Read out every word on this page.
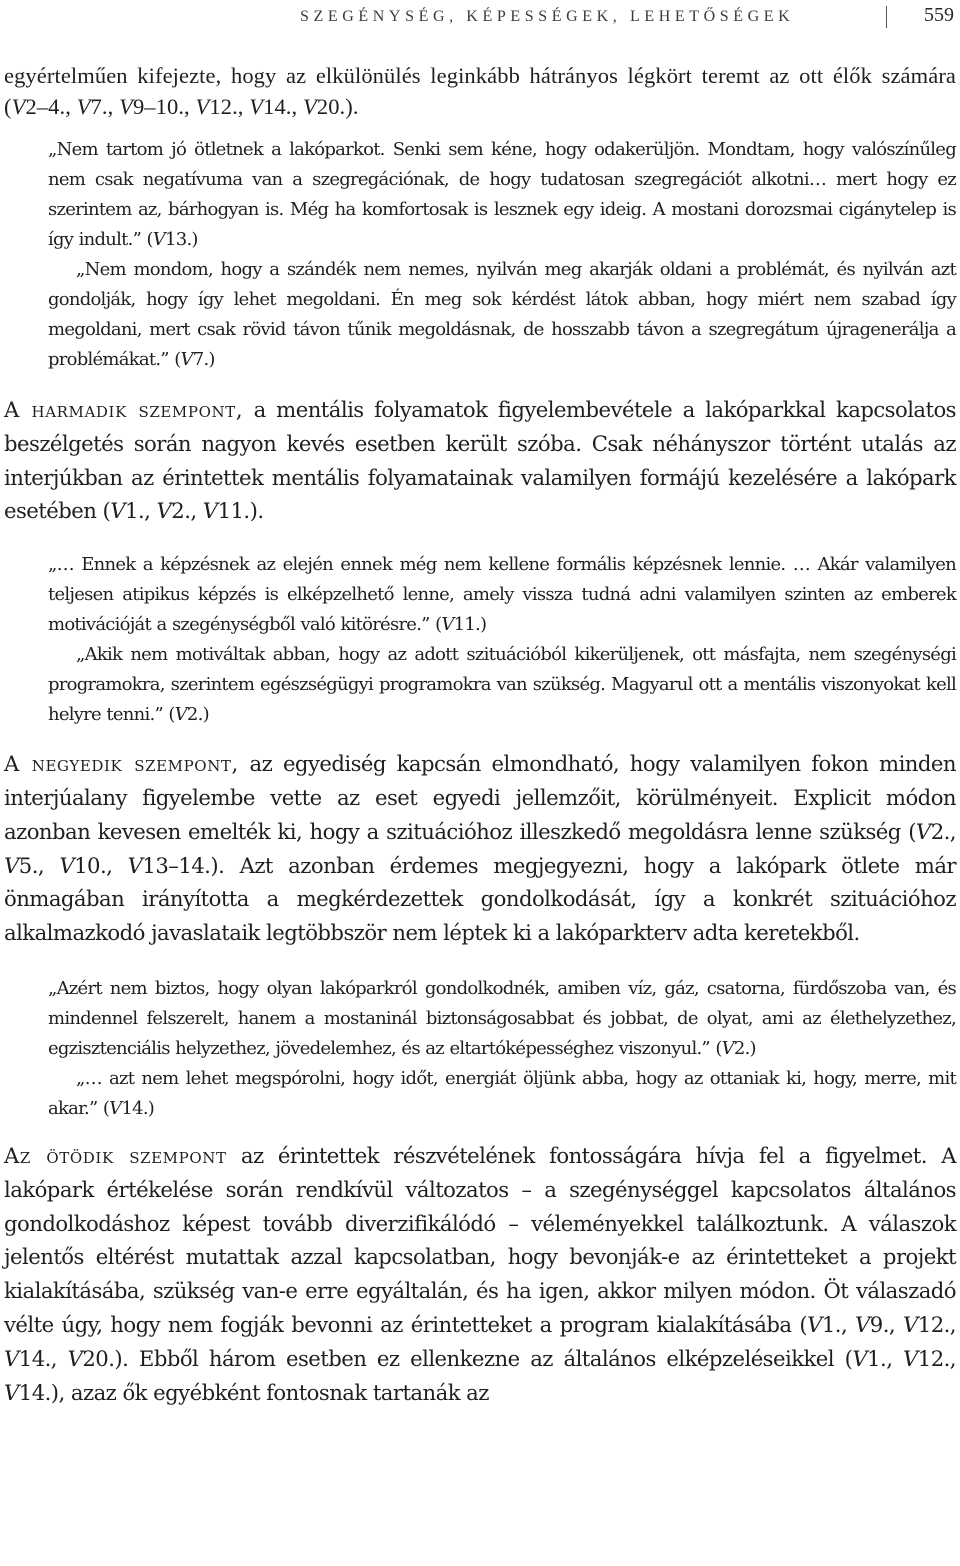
SZEGÉNYSÉG, KÉPESSÉGEK, LEHETŐSÉGEK	559

egyértelműen kifejezte, hogy az elkülönülés leginkább hátrányos légkört teremt az ott élők számára (V2–4., V7., V9–10., V12., V14., V20.).

„Nem tartom jó ötletnek a lakóparkot. Senki sem kéne, hogy odakerüljön. Mondtam, hogy valószínűleg nem csak negatívuma van a szegregációnak, de hogy tudatosan szegregációt alkotni… mert hogy ez szerintem az, bárhogyan is. Még ha komfortosak is lesznek egy ideig. A mostani dorozsmai cigánytelep is így indult.” (V13.)

„Nem mondom, hogy a szándék nem nemes, nyilván meg akarják oldani a problémát, és nyilván azt gondolják, hogy így lehet megoldani. Én meg sok kérdést látok abban, hogy miért nem szabad így megoldani, mert csak rövid távon tűnik megoldásnak, de hosszabb távon a szegregátum újragenerálja a problémákat.” (V7.)

A harmadik szempont, a mentális folyamatok figyelembevétele a lakóparkkal kapcsolatos beszélgetés során nagyon kevés esetben került szóba. Csak néhányszor történt utalás az interjúkban az érintettek mentális folyamatainak valamilyen formájú kezelésére a lakópark esetében (V1., V2., V11.).

„… Ennek a képzésnek az elején ennek még nem kellene formális képzésnek lennie. … Akár valamilyen teljesen atipikus képzés is elképzelhető lenne, amely vissza tudná adni valamilyen szinten az emberek motivációját a szegénységből való kitörésre.” (V11.)

„Akik nem motiváltak abban, hogy az adott szituációból kikerüljenek, ott másfajta, nem szegénységi programokra, szerintem egészségügyi programokra van szükség. Magyarul ott a mentális viszonyokat kell helyre tenni.” (V2.)

A negyedik szempont, az egyediség kapcsán elmondható, hogy valamilyen fokon minden interjúalany figyelembe vette az eset egyedi jellemzőit, körülményeit. Explicit módon azonban kevesen emelték ki, hogy a szituációhoz illeszkedő megoldásra lenne szükség (V2., V5., V10., V13–14.). Azt azonban érdemes megjegyezni, hogy a lakópark ötlete már önmagában irányította a megkérdezettek gondolkodását, így a konkrét szituációhoz alkalmazkodó javaslataik legtöbbször nem léptek ki a lakóparkterv adta keretekből.

„Azért nem biztos, hogy olyan lakóparkról gondolkodnék, amiben víz, gáz, csatorna, fürdőszoba van, és mindennel felszerelt, hanem a mostaninál biztonságosabbat és jobbat, de olyat, ami az élethelyzethez, egzisztenciális helyzethez, jövedelemhez, és az eltartóképességhez viszonyul.” (V2.)

„… azt nem lehet megspórolni, hogy időt, energiát öljünk abba, hogy az ottaniak ki, hogy, merre, mit akar.” (V14.)

Az ötödik szempont az érintettek részvételének fontosságára hívja fel a figyelmet. A lakópark értékelése során rendkívül változatos – a szegénységgel kapcsolatos általános gondolkodáshoz képest tovább diverzifikálódó – véleményekkel találkoztunk. A válaszok jelentős eltérést mutattak azzal kapcsolatban, hogy bevonják-e az érintetteket a projekt kialakításába, szükség van-e erre egyáltalán, és ha igen, akkor milyen módon. Öt válaszadó vélte úgy, hogy nem fogják bevonni az érintetteket a program kialakításába (V1., V9., V12., V14., V20.). Ebből három esetben ez ellenkezne az általános elképzeléseikkel (V1., V12., V14.), azaz ők egyébként fontosnak tartanák az
